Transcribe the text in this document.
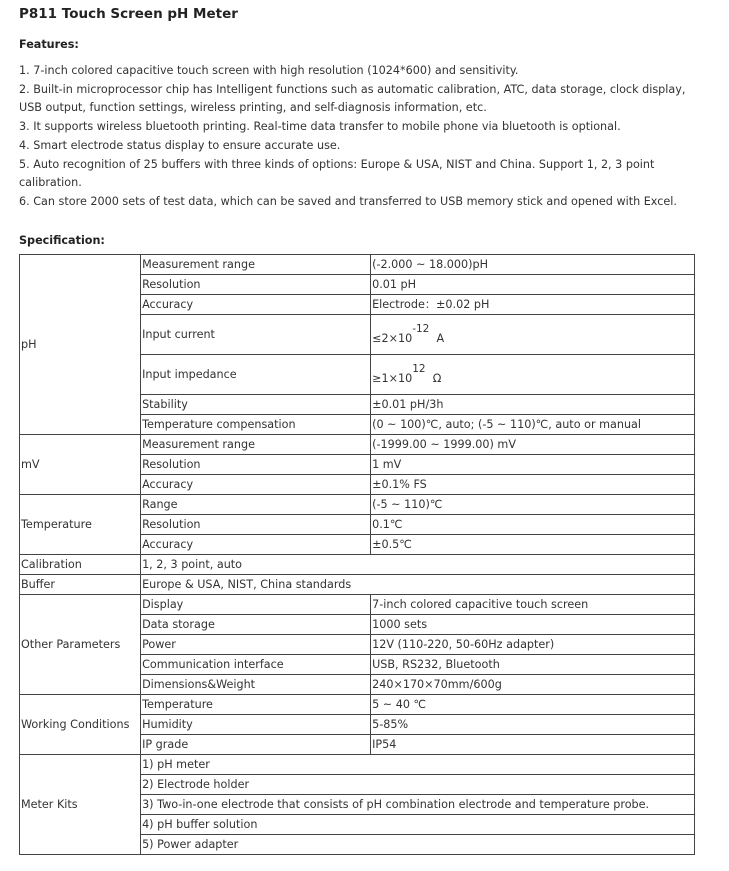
P811 Touch Screen pH Meter
Features:
1. 7-inch colored capacitive touch screen with high resolution (1024*600) and sensitivity.
2. Built-in microprocessor chip has Intelligent functions such as automatic calibration, ATC, data storage, clock display, USB output, function settings, wireless printing, and self-diagnosis information, etc.
3. It supports wireless bluetooth printing. Real-time data transfer to mobile phone via bluetooth is optional.
4. Smart electrode status display to ensure accurate use.
5. Auto recognition of 25 buffers with three kinds of options: Europe & USA, NIST and China. Support 1, 2, 3 point calibration.
6. Can store 2000 sets of test data, which can be saved and transferred to USB memory stick and opened with Excel.
Specification:
pH	Measurement range	(-2.000 ~ 18.000)pH
	Resolution	0.01 pH
	Accuracy	Electrode：±0.02 pH
	Input current	≤2×10-12  A
	Input impedance	≥1×1012  Ω
	Stability	±0.01 pH/3h
	Temperature compensation	(0 ~ 100)℃, auto; (-5 ~ 110)℃, auto or manual
mV	Measurement range	(-1999.00 ~ 1999.00) mV
	Resolution	1 mV
	Accuracy	±0.1% FS
Temperature	Range	(-5 ~ 110)℃
	Resolution	0.1℃
	Accuracy	±0.5℃
Calibration	1, 2, 3 point, auto	
Buffer	Europe & USA, NIST, China standards	
Other Parameters	Display	7-inch colored capacitive touch screen
	Data storage	1000 sets
	Power	12V (110-220, 50-60Hz adapter)
	Communication interface	USB, RS232, Bluetooth
	Dimensions&Weight	240×170×70mm/600g
Working Conditions	Temperature	5 ~ 40 ℃
	Humidity	5-85%
	IP grade	IP54
Meter Kits	1) pH meter	
	2) Electrode holder	
	3) Two-in-one electrode that consists of pH combination electrode and temperature probe.	
	4) pH buffer solution	
	5) Power adapter	
